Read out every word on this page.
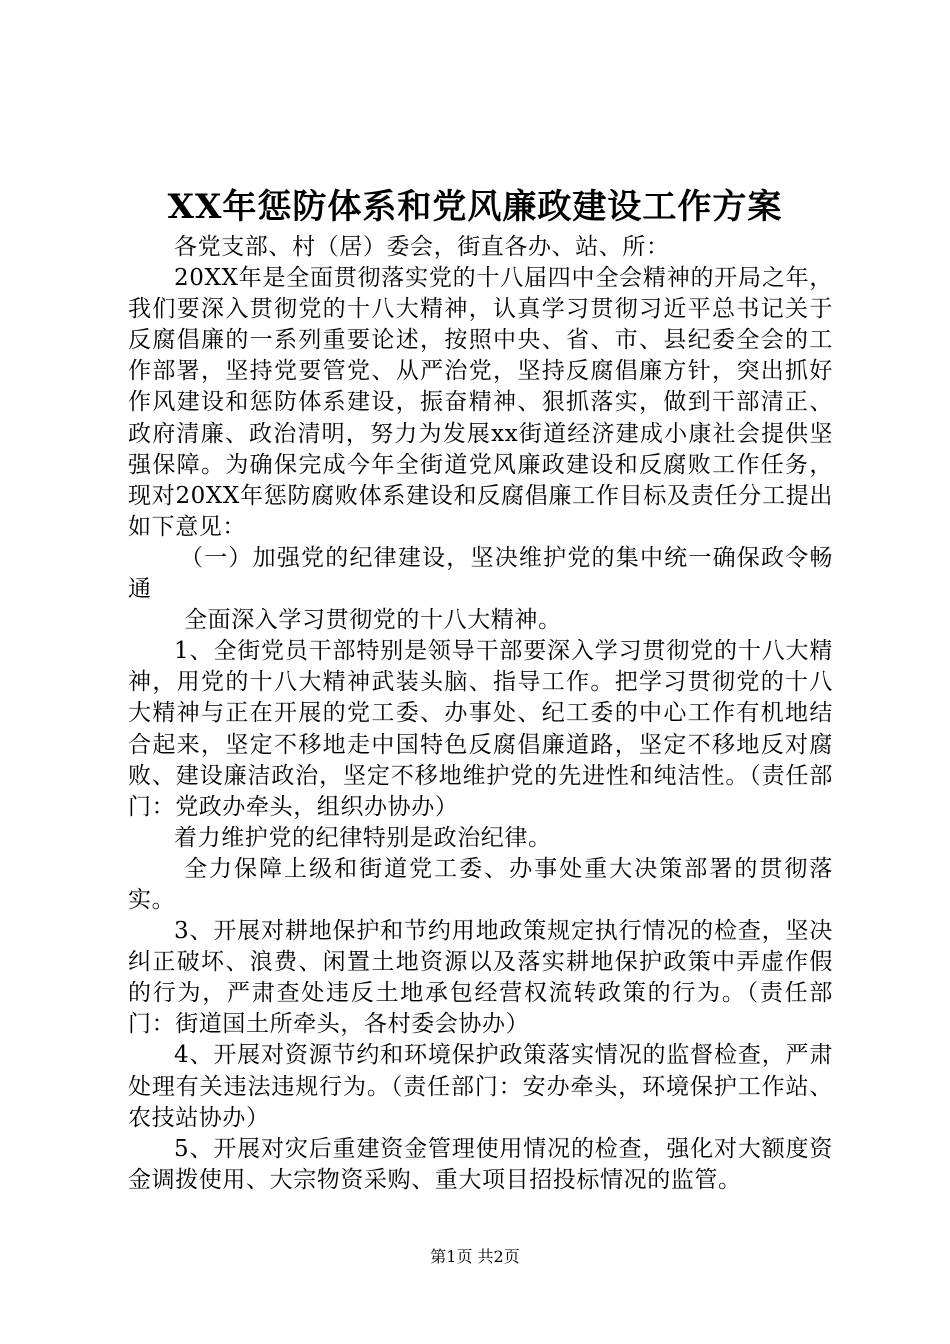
XX年惩防体系和党风廉政建设工作方案

各党支部、村（居）委会，街直各办、站、所：

20XX年是全面贯彻落实党的十八届四中全会精神的开局之年，我们要深入贯彻党的十八大精神，认真学习贯彻习近平总书记关于反腐倡廉的一系列重要论述，按照中央、省、市、县纪委全会的工作部署，坚持党要管党、从严治党，坚持反腐倡廉方针，突出抓好作风建设和惩防体系建设，振奋精神、狠抓落实，做到干部清正、政府清廉、政治清明，努力为发展xx街道经济建成小康社会提供坚强保障。为确保完成今年全街道党风廉政建设和反腐败工作任务，现对20XX年惩防腐败体系建设和反腐倡廉工作目标及责任分工提出如下意见：

（一）加强党的纪律建设，坚决维护党的集中统一确保政令畅通

全面深入学习贯彻党的十八大精神。

1、全街党员干部特别是领导干部要深入学习贯彻党的十八大精神，用党的十八大精神武装头脑、指导工作。把学习贯彻党的十八大精神与正在开展的党工委、办事处、纪工委的中心工作有机地结合起来，坚定不移地走中国特色反腐倡廉道路，坚定不移地反对腐败、建设廉洁政治，坚定不移地维护党的先进性和纯洁性。（责任部门：党政办牵头，组织办协办）

着力维护党的纪律特别是政治纪律。

全力保障上级和街道党工委、办事处重大决策部署的贯彻落实。

3、开展对耕地保护和节约用地政策规定执行情况的检查，坚决纠正破坏、浪费、闲置土地资源以及落实耕地保护政策中弄虚作假的行为，严肃查处违反土地承包经营权流转政策的行为。（责任部门：街道国土所牵头，各村委会协办）

4、开展对资源节约和环境保护政策落实情况的监督检查，严肃处理有关违法违规行为。（责任部门：安办牵头，环境保护工作站、农技站协办）

5、开展对灾后重建资金管理使用情况的检查，强化对大额度资金调拨使用、大宗物资采购、重大项目招投标情况的监管。

第1页 共2页
